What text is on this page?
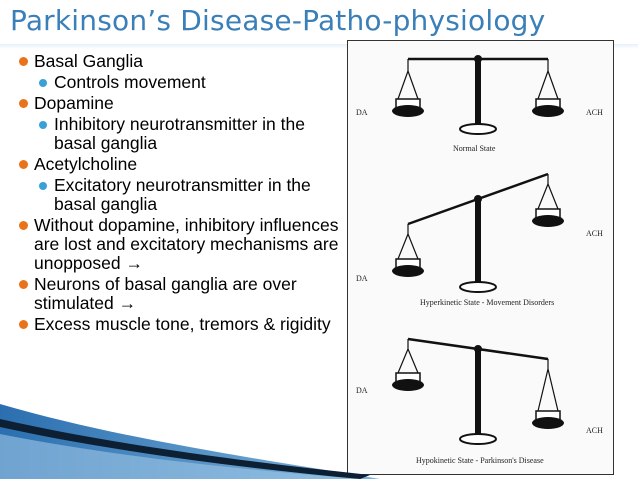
Parkinson’s Disease-Patho-physiology
Basal Ganglia
Controls movement
Dopamine
Inhibitory neurotransmitter in the basal ganglia
Acetylcholine
Excitatory neurotransmitter in the basal ganglia
Without dopamine, inhibitory influences are lost and excitatory mechanisms are unopposed →
Neurons of basal ganglia are over stimulated →
Excess muscle tone, tremors & rigidity
DA	ACH
Normal State
DA
ACH
Hyperkinetic State - Movement Disorders
DA
ACH
Hypokinetic State - Parkinson's Disease
